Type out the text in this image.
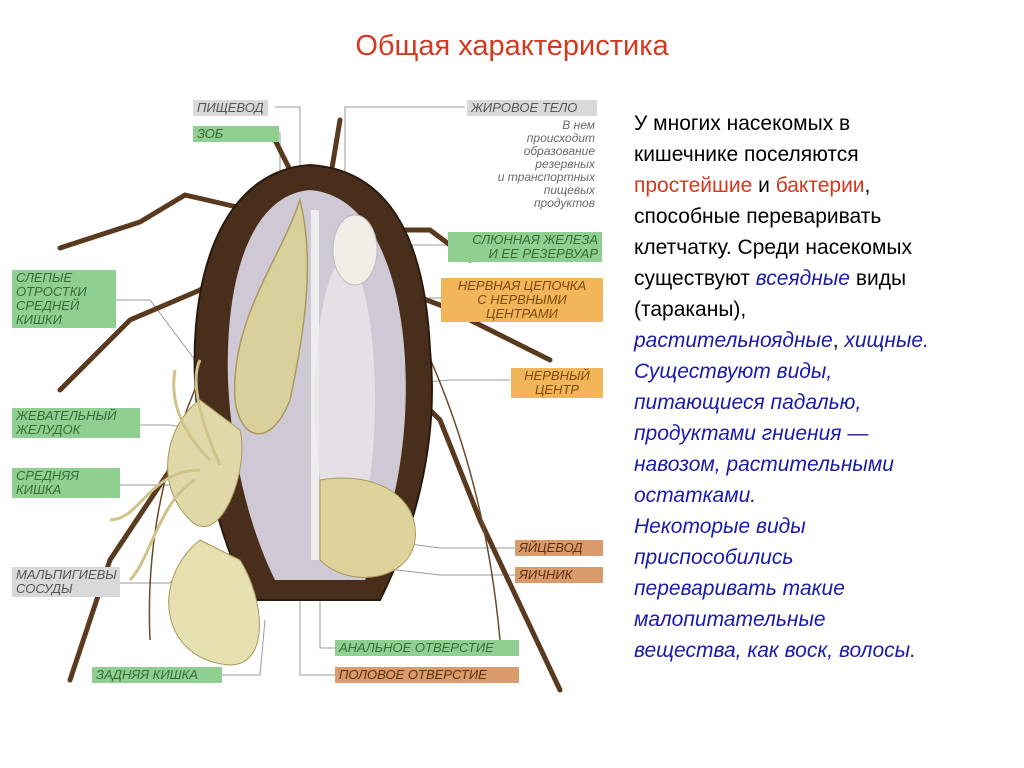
Общая характеристика
ПИЩЕВОД
ЗОБ
СЛЕПЫЕ
ОТРОСТКИ
СРЕДНЕЙ
КИШКИ
ЖЕВАТЕЛЬНЫЙ
ЖЕЛУДОК
СРЕДНЯЯ
КИШКА
МАЛЬПИГИЕВЫ
СОСУДЫ
ЗАДНЯЯ КИШКА
ЖИРОВОЕ ТЕЛО
В нем
происходит
образование
резервных
и транспортных
пищевых
продуктов
СЛЮННАЯ ЖЕЛЕЗА
И ЕЕ РЕЗЕРВУАР
НЕРВНАЯ ЦЕПОЧКА
С НЕРВНЫМИ
ЦЕНТРАМИ
НЕРВНЫЙ
ЦЕНТР
ЯЙЦЕВОД
ЯИЧНИК
АНАЛЬНОЕ ОТВЕРСТИЕ
ПОЛОВОЕ ОТВЕРСТИЕ
У многих насекомых в
кишечнике поселяются
простейшие и бактерии,
способные переваривать
клетчатку. Среди насекомых
существуют всеядные виды
(тараканы),
растительноядные, хищные.
Существуют виды,
питающиеся падалью,
продуктами гниения —
навозом, растительными
остатками.
Некоторые виды
приспособились
переваривать такие
малопитательные
вещества, как воск, волосы.
